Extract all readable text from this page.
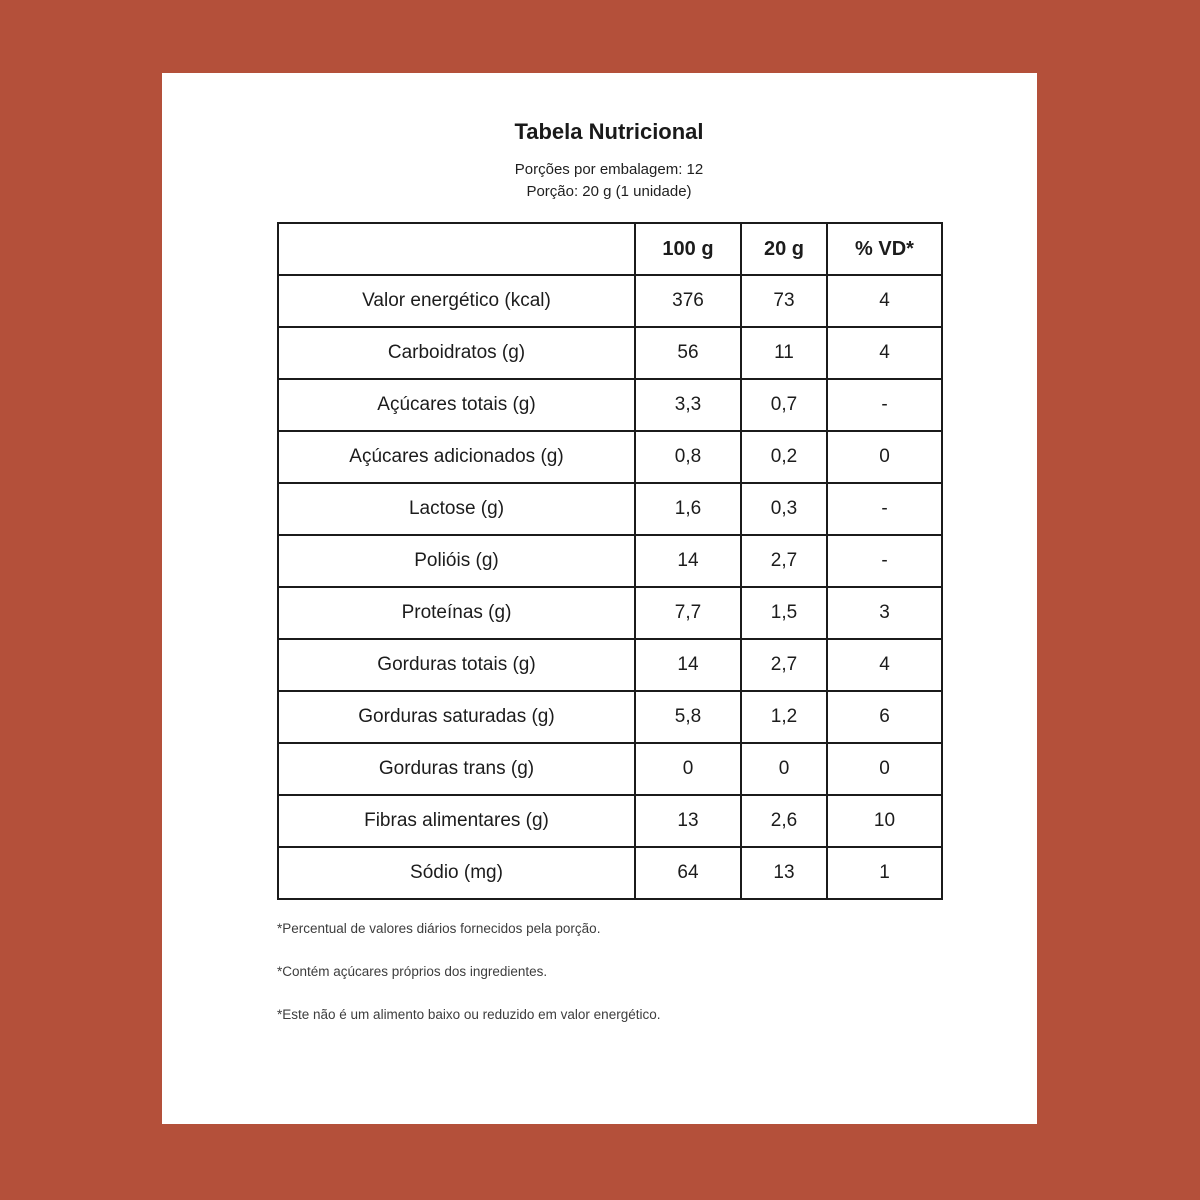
Tabela Nutricional

Porções por embalagem: 12

Porção: 20 g (1 unidade)

	100 g	20 g	% VD*
Valor energético (kcal)	376	73	4
Carboidratos (g)	56	11	4
Açúcares totais (g)	3,3	0,7	-
Açúcares adicionados (g)	0,8	0,2	0
Lactose (g)	1,6	0,3	-
Polióis (g)	14	2,7	-
Proteínas (g)	7,7	1,5	3
Gorduras totais (g)	14	2,7	4
Gorduras saturadas (g)	5,8	1,2	6
Gorduras trans (g)	0	0	0
Fibras alimentares (g)	13	2,6	10
Sódio (mg)	64	13	1

*Percentual de valores diários fornecidos pela porção.

*Contém açúcares próprios dos ingredientes.

*Este não é um alimento baixo ou reduzido em valor energético.
